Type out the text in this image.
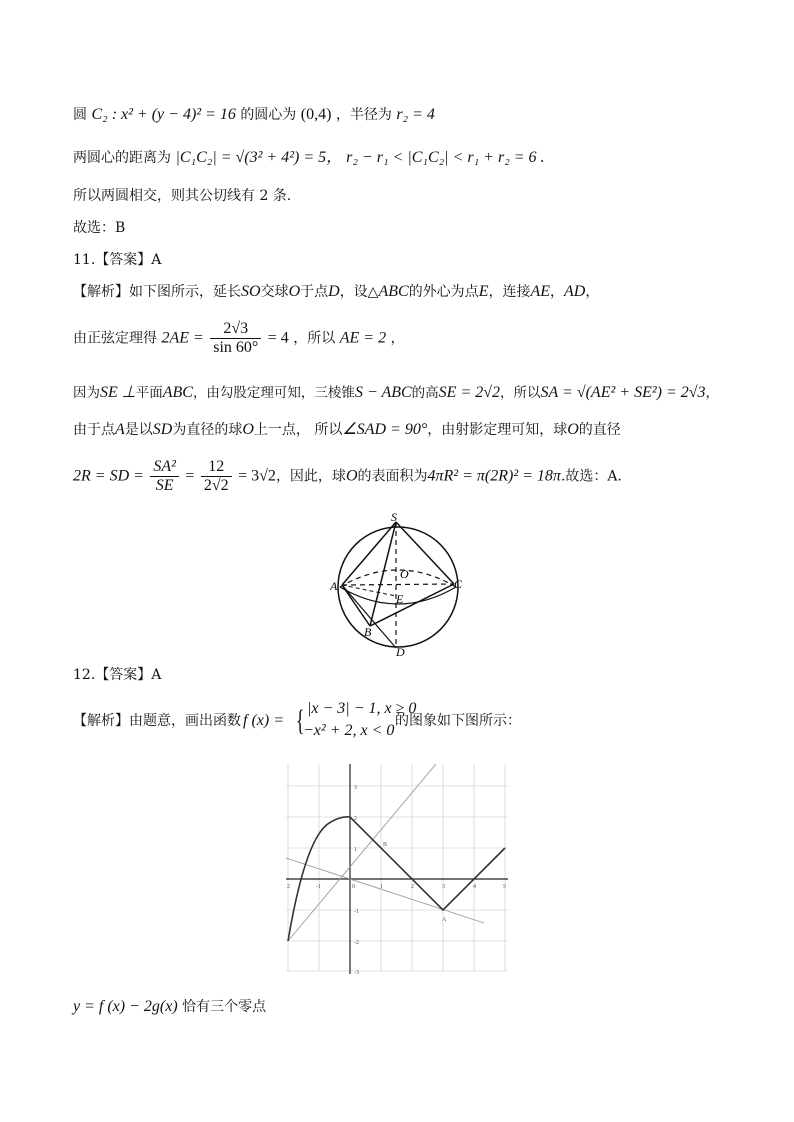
圆 C₂ : x² + (y − 4)² = 16 的圆心为 (0,4) ，半径为 r₂ = 4
两圆心的距离为 |C₁C₂| = √(3² + 4²) = 5， r₂ − r₁ < |C₁C₂| < r₁ + r₂ = 6 .
所以两圆相交，则其公切线有 2 条.
故选：B
11.【答案】A
【解析】如下图所示，延长SO交球O于点D，设△ABC的外心为点E，连接AE，AD，
由正弦定理得 $2AE = \frac{2√3}{\sin 60^\circ} = 4$ ，所以 AE = 2 ，
因为SE ⊥平面ABC，由勾股定理可知，三棱锥S − ABC的高SE = 2√2，所以SA = √(AE² + SE²) = 2√3，
由于点A是以SD为直径的球O上一点， 所以∠SAD = 90°，由射影定理可知，球O的直径
2R = SD = $\frac{\text{SA²}}{SE} = \frac{12}{2√2} = 3√2$，因此，球O的表面积为4πR² = π(2R)² = 18π.故选：A.
S
O
A	C
E
B
D
12.【答案】A
【解析】由题意，画出函数 f (x) = { |x − 3| − 1, x ≥ 0
−x² + 2, x < 0
的图象如下图所示：
2	-1	0	1	2	3	4	5
3
2
1
-1
-2
-3
B
A
y = f (x) − 2g(x) 恰有三个零点
